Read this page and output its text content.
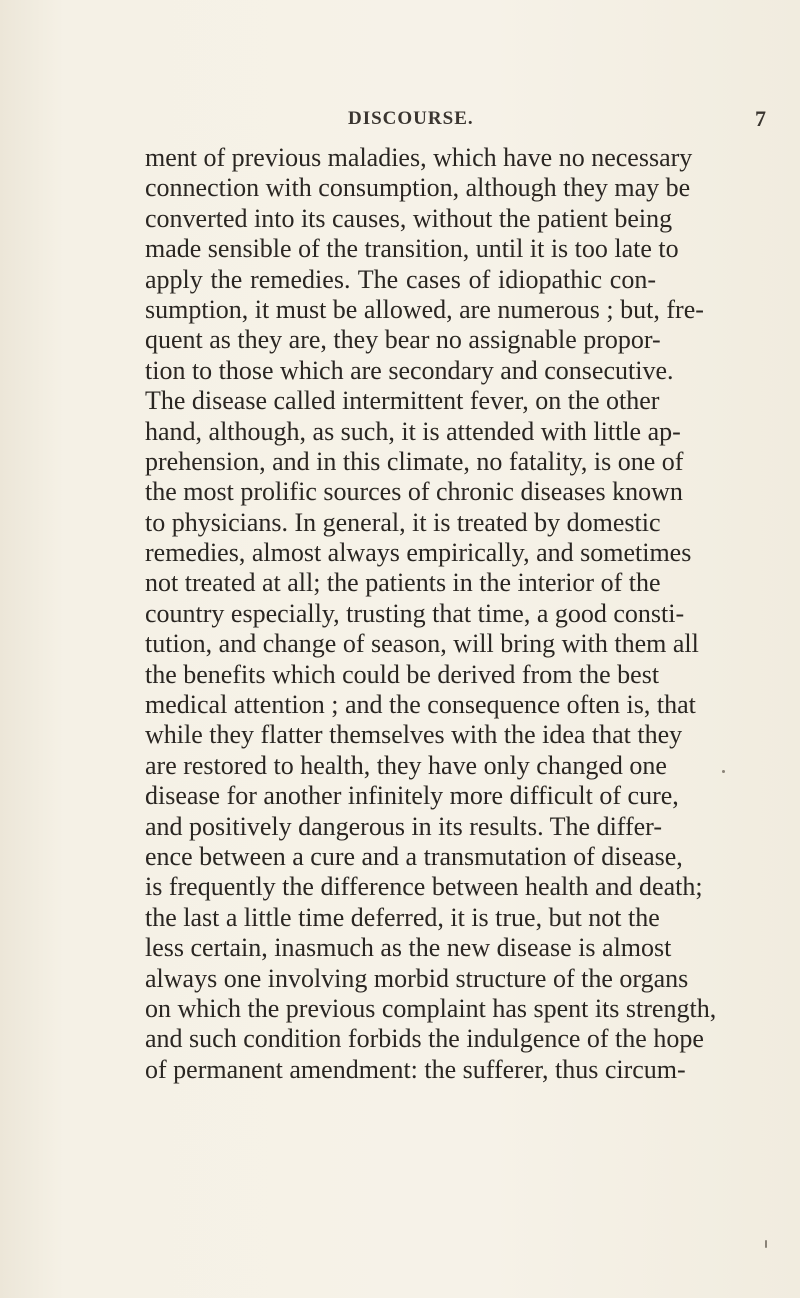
DISCOURSE.	7
ment of previous maladies, which have no necessary
connection with consumption, although they may be
converted into its causes, without the patient being
made sensible of the transition, until it is too late to
apply the remedies. The cases of idiopathic con-
sumption, it must be allowed, are numerous ; but, fre-
quent as they are, they bear no assignable propor-
tion to those which are secondary and consecutive.
The disease called intermittent fever, on the other
hand, although, as such, it is attended with little ap-
prehension, and in this climate, no fatality, is one of
the most prolific sources of chronic diseases known
to physicians. In general, it is treated by domestic
remedies, almost always empirically, and sometimes
not treated at all; the patients in the interior of the
country especially, trusting that time, a good consti-
tution, and change of season, will bring with them all
the benefits which could be derived from the best
medical attention ; and the consequence often is, that
while they flatter themselves with the idea that they
are restored to health, they have only changed one
disease for another infinitely more difficult of cure,
and positively dangerous in its results. The differ-
ence between a cure and a transmutation of disease,
is frequently the difference between health and death;
the last a little time deferred, it is true, but not the
less certain, inasmuch as the new disease is almost
always one involving morbid structure of the organs
on which the previous complaint has spent its strength,
and such condition forbids the indulgence of the hope
of permanent amendment: the sufferer, thus circum-
